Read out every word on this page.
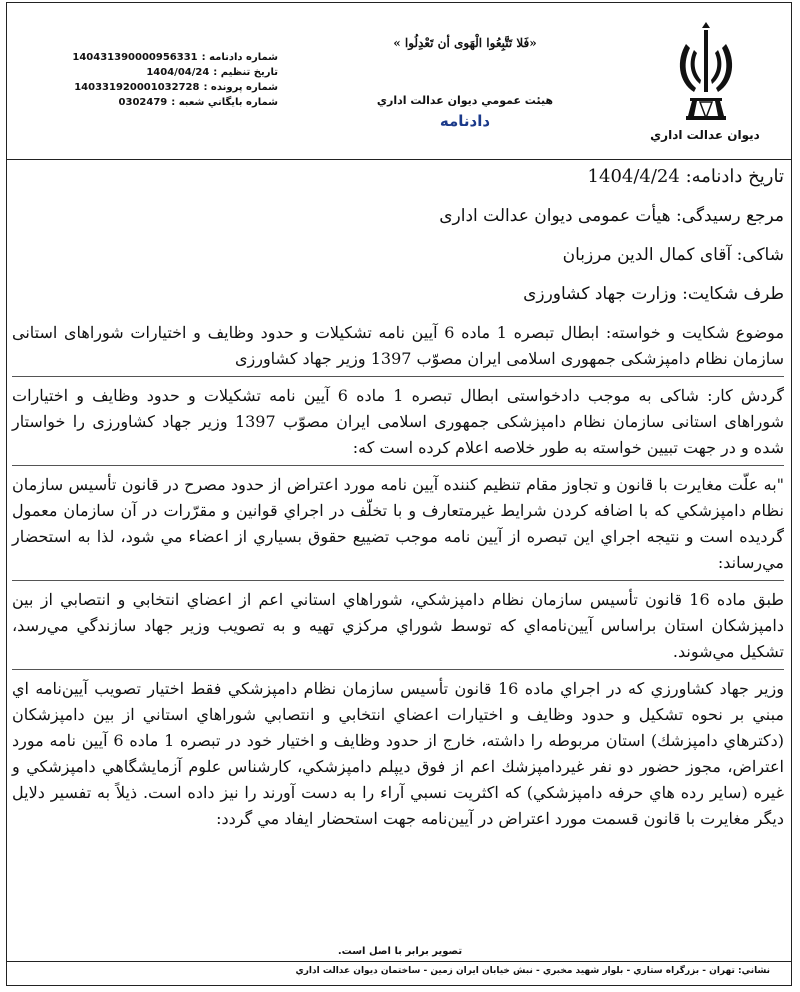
ديوان عدالت اداري
«فَلا تَتَّبِعُوا الْهَوى أن تَعْدِلُوا »
هيئت عمومي ديوان عدالت اداري
دادنامه
شماره دادنامه :
140431390000956331
تاريخ تنظيم :
1404/04/24
شماره پرونده :
140331920001032728
شماره بايگاني شعبه :
0302479
تاریخ دادنامه: 1404/4/24
مرجع رسیدگی: هیأت عمومی دیوان عدالت اداری
شاکی: آقای کمال الدین مرزبان
طرف شکایت: وزارت جهاد کشاورزی

موضوع شکایت و خواسته: ابطال تبصره 1 ماده 6 آیین نامه تشکیلات و حدود وظایف و اختیارات شوراهای استانی سازمان نظام دامپزشکی جمهوری اسلامی ایران مصوّب 1397 وزیر جهاد کشاورزی

گردش کار: شاکی به موجب دادخواستی ابطال تبصره 1 ماده 6 آیین نامه تشکیلات و حدود وظایف و اختیارات شوراهای استانی سازمان نظام دامپزشکی جمهوری اسلامی ایران مصوّب 1397 وزیر جهاد کشاورزی را خواستار شده و در جهت تبیین خواسته به طور خلاصه اعلام کرده است که:

"به علّت مغايرت با قانون و تجاوز مقام تنظيم كننده آيين نامه مورد اعتراض از حدود مصرح در قانون تأسيس سازمان نظام دامپزشكي كه با اضافه كردن شرايط غيرمتعارف و با تخلّف در اجراي قوانين و مقرّرات در آن سازمان معمول گرديده است و نتيجه اجراي اين تبصره از آيين نامه موجب تضييع حقوق بسياري از اعضاء مي شود، لذا به استحضار مي‌رساند:

طبق ماده 16 قانون تأسيس سازمان نظام دامپزشكي، شوراهاي استاني اعم از اعضاي انتخابي و انتصابي از بين دامپزشكان استان براساس آيين‌نامه‌اي كه توسط شوراي مركزي تهيه و به تصويب وزير جهاد سازندگي مي‌رسد، تشكيل مي‌شوند.

وزير جهاد كشاورزي كه در اجراي ماده 16 قانون تأسيس سازمان نظام دامپزشكي فقط اختيار تصويب آيين‌نامه اي مبني بر نحوه تشكيل و حدود وظايف و اختيارات اعضاي انتخابي و انتصابي شوراهاي استاني از بين دامپزشكان (دكترهاي دامپزشك) استان مربوطه را داشته، خارج از حدود وظايف و اختيار خود در تبصره 1 ماده 6 آيين نامه مورد اعتراض، مجوز حضور دو نفر غيردامپزشك اعم از فوق ديپلم دامپزشكي، كارشناس علوم آزمايشگاهي دامپزشكي و غيره (ساير رده هاي حرفه دامپزشكي) كه اكثريت نسبي آراء را به دست آورند را نيز داده است. ذيلاً به تفسير دلايل ديگر مغايرت با قانون قسمت مورد اعتراض در آيين‌نامه جهت استحضار ايفاد مي گردد:

تصوير برابر با اصل است.
نشاني: تهران - بزرگراه ستاري - بلوار شهيد مخبري - نبش خيابان ايران زمين - ساختمان ديوان عدالت اداري
